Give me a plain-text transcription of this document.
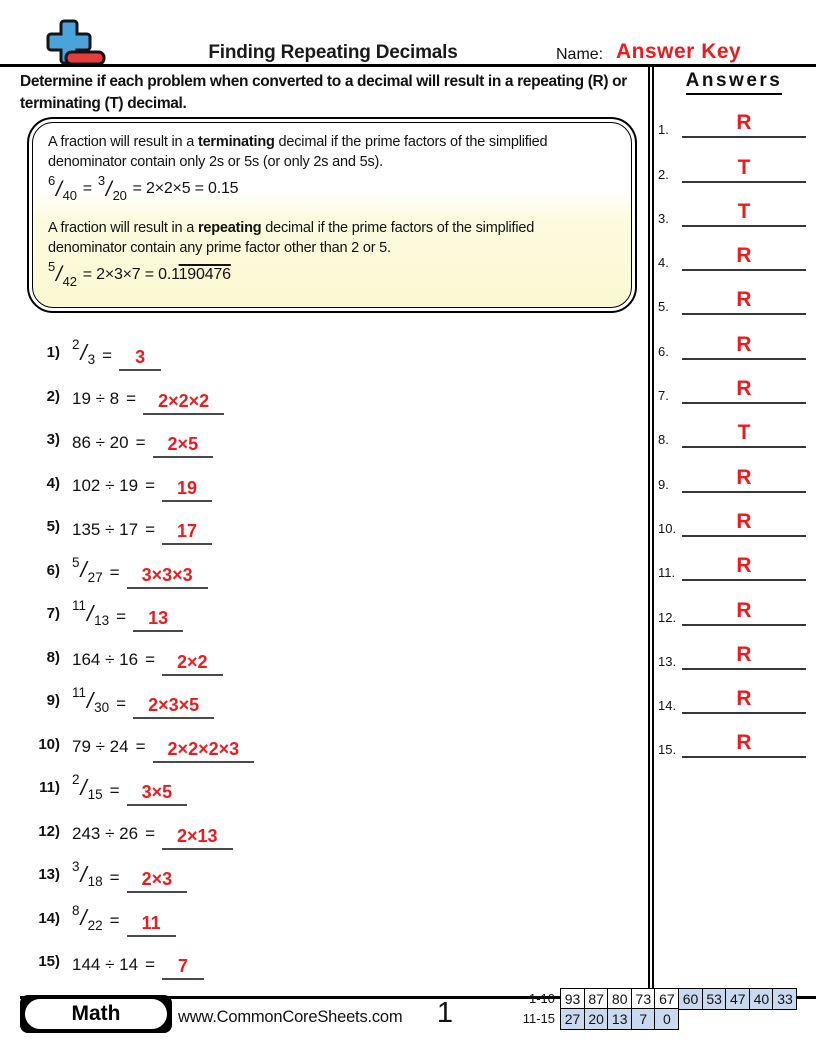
Finding Repeating Decimals	Name: Answer Key
Determine if each problem when converted to a decimal will result in a repeating (R) or terminating (T) decimal.
A fraction will result in a terminating decimal if the prime factors of the simplified denominator contain only 2s or 5s (or only 2s and 5s).
6 / 40 = 3 / 20 = 2×2×5 = 0.15
A fraction will result in a repeating decimal if the prime factors of the simplified denominator contain any prime factor other than 2 or 5.
5 / 42 = 2×3×7 = 0.1190476
1) 2 / 3 =	3
2) 19 ÷ 8 =	2×2×2
3) 86 ÷ 20 =	2×5
4) 102 ÷ 19 =	19
5) 135 ÷ 17 =	17
6) 5 / 27 =	3×3×3
7) 11 / 13 =	13
8) 164 ÷ 16 =	2×2
9) 11 / 30 =	2×3×5
10) 79 ÷ 24 =	2×2×2×3
11) 2 / 15 =	3×5
12) 243 ÷ 26 =	2×13
13) 3 / 18 =	2×3
14) 8 / 22 =	11
15) 144 ÷ 14 =	7
Answers
1.	R
2.	T
3.	T
4.	R
5.	R
6.	R
7.	R
8.	T
9.	R
10.	R
11.	R
12.	R
13.	R
14.	R
15.	R
Math	www.CommonCoreSheets.com	1	1-10 93 87 80 73 67 60 53 47 40 33
11-15 27 20 13 7	0
